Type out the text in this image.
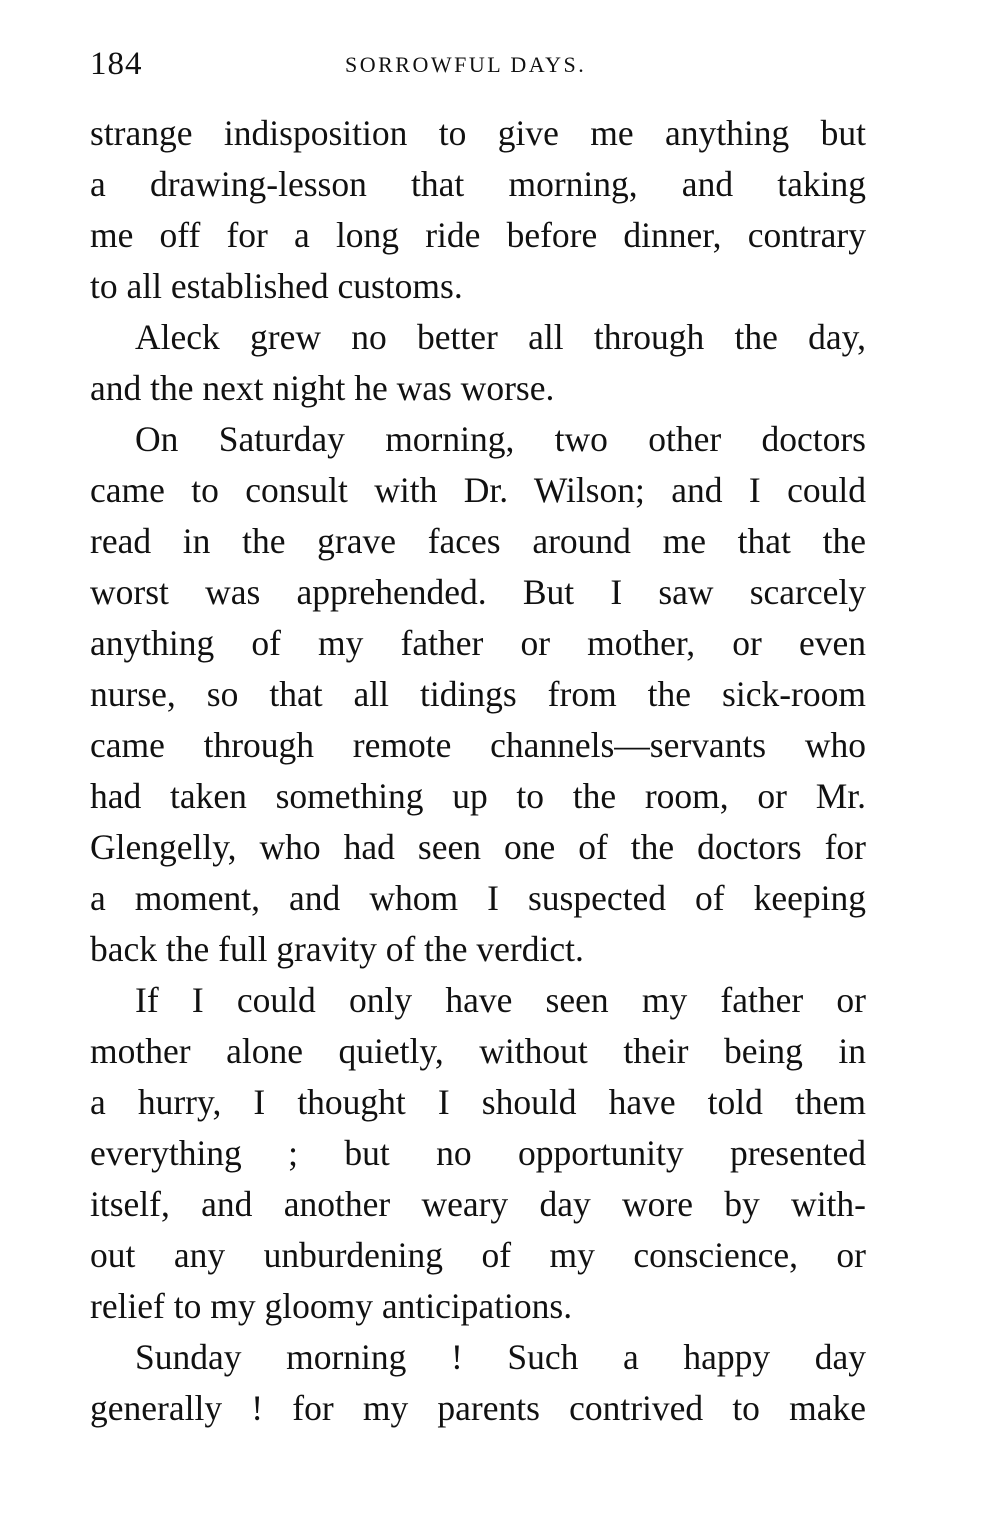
184	SORROWFUL DAYS.
strange indisposition to give me anything but
a drawing-lesson that morning, and taking
me off for a long ride before dinner, contrary
to all established customs.
Aleck grew no better all through the day,
and the next night he was worse.
On Saturday morning, two other doctors
came to consult with Dr. Wilson; and I could
read in the grave faces around me that the
worst was apprehended. But I saw scarcely
anything of my father or mother, or even
nurse, so that all tidings from the sick-room
came through remote channels—servants who
had taken something up to the room, or Mr.
Glengelly, who had seen one of the doctors for
a moment, and whom I suspected of keeping
back the full gravity of the verdict.
If I could only have seen my father or
mother alone quietly, without their being in
a hurry, I thought I should have told them
everything ; but no opportunity presented
itself, and another weary day wore by with-
out any unburdening of my conscience, or
relief to my gloomy anticipations.
Sunday morning ! Such a happy day
generally ! for my parents contrived to make
